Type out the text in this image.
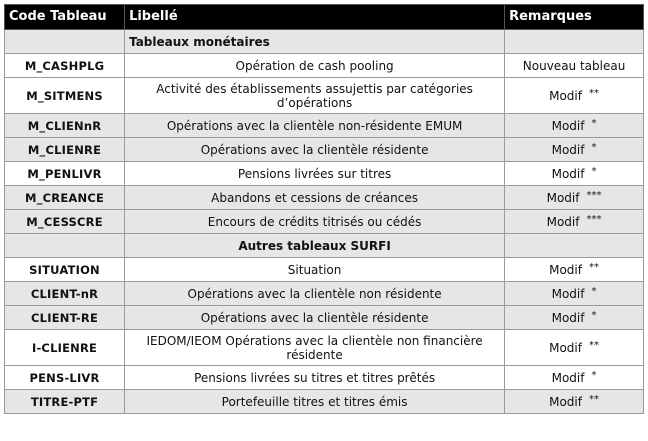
Code Tableau	Libellé	Remarques
	Tableaux monétaires	
M_CASHPLG	Opération de cash pooling	Nouveau tableau
M_SITMENS	Activité des établissements assujettis par catégories d’opérations	Modif **
M_CLIENnR	Opérations avec la clientèle non-résidente EMUM	Modif *
M_CLIENRE	Opérations avec la clientèle résidente	Modif *
M_PENLIVR	Pensions livrées sur titres	Modif *
M_CREANCE	Abandons et cessions de créances	Modif ***
M_CESSCRE	Encours de crédits titrisés ou cédés	Modif ***
	Autres tableaux SURFI	
SITUATION	Situation	Modif **
CLIENT-nR	Opérations avec la clientèle non résidente	Modif *
CLIENT-RE	Opérations avec la clientèle résidente	Modif *
I-CLIENRE	IEDOM/IEOM Opérations avec la clientèle non financière résidente	Modif **
PENS-LIVR	Pensions livrées su titres et titres prêtés	Modif *
TITRE-PTF	Portefeuille titres et titres émis	Modif **
